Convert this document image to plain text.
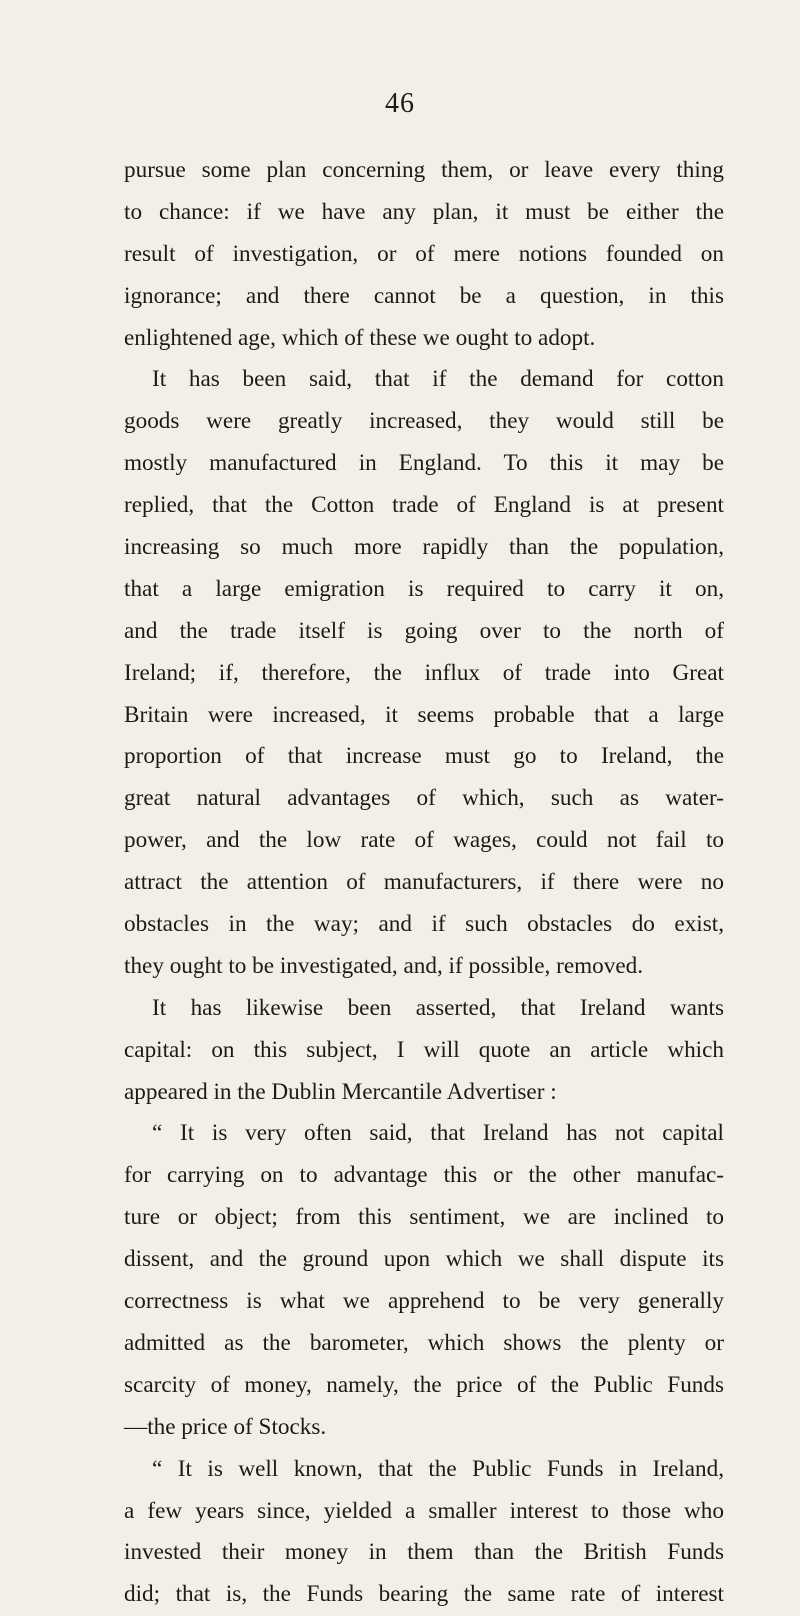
46
pursue some plan concerning them, or leave every thing
to chance: if we have any plan, it must be either the
result of investigation, or of mere notions founded on
ignorance; and there cannot be a question, in this
enlightened age, which of these we ought to adopt.
It has been said, that if the demand for cotton
goods were greatly increased, they would still be
mostly manufactured in England. To this it may be
replied, that the Cotton trade of England is at present
increasing so much more rapidly than the population,
that a large emigration is required to carry it on,
and the trade itself is going over to the north of
Ireland; if, therefore, the influx of trade into Great
Britain were increased, it seems probable that a large
proportion of that increase must go to Ireland, the
great natural advantages of which, such as water-
power, and the low rate of wages, could not fail to
attract the attention of manufacturers, if there were no
obstacles in the way; and if such obstacles do exist,
they ought to be investigated, and, if possible, removed.
It has likewise been asserted, that Ireland wants
capital: on this subject, I will quote an article which
appeared in the Dublin Mercantile Advertiser :
“ It is very often said, that Ireland has not capital
for carrying on to advantage this or the other manufac-
ture or object; from this sentiment, we are inclined to
dissent, and the ground upon which we shall dispute its
correctness is what we apprehend to be very generally
admitted as the barometer, which shows the plenty or
scarcity of money, namely, the price of the Public Funds
—the price of Stocks.
“ It is well known, that the Public Funds in Ireland,
a few years since, yielded a smaller interest to those who
invested their money in them than the British Funds
did; that is, the Funds bearing the same rate of interest
